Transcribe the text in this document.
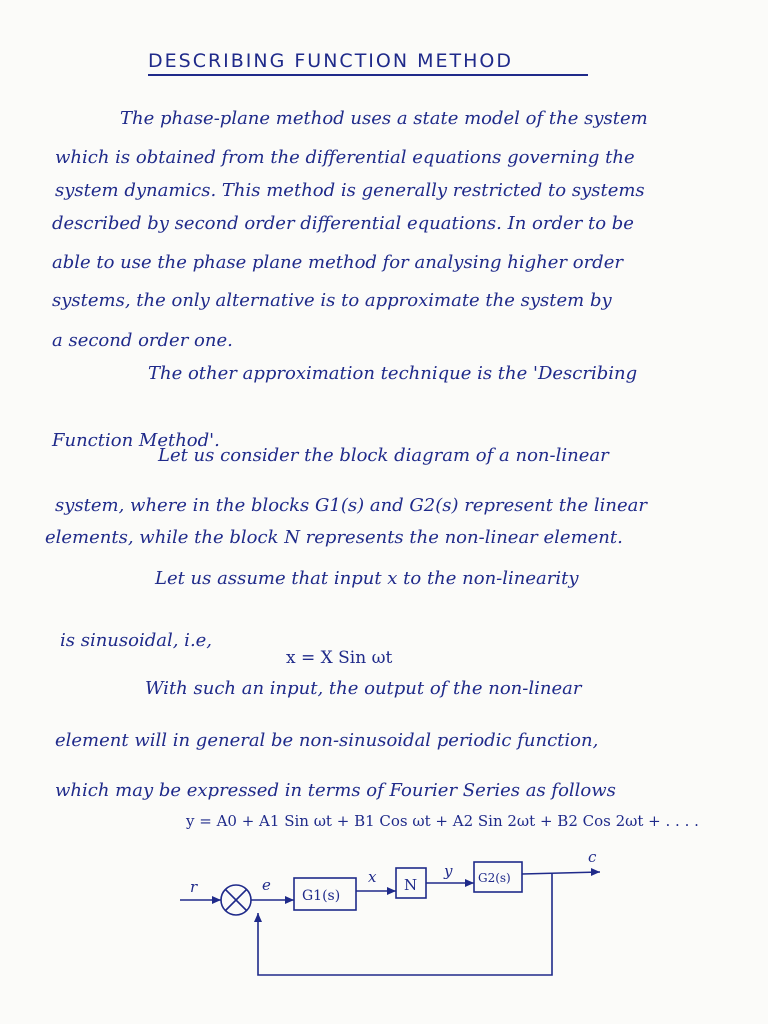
DESCRIBING FUNCTION METHOD
The phase-plane method uses a state model of the system
which is obtained from the differential equations governing the
system dynamics. This method is generally restricted to systems
described by second order differential equations. In order to be
able to use the phase plane method for analysing higher order
systems, the only alternative is to approximate the system by
a second order one.
The other approximation technique is the 'Describing
Function Method'.
Let us consider the block diagram of a non-linear
system, where in the blocks G1(s) and G2(s) represent the linear
elements, while the block N represents the non-linear element.
Let us assume that input x to the non-linearity
is sinusoidal, i.e,
x = X Sin ωt
With such an input, the output of the non-linear
element will in general be non-sinusoidal periodic function,
which may be expressed in terms of Fourier Series as follows
y = A0 + A1 Sin ωt + B1 Cos ωt + A2 Sin 2ωt + B2 Cos 2ωt + . . . .
r	e	x	y
c
G1(s)
N	G2(s)
